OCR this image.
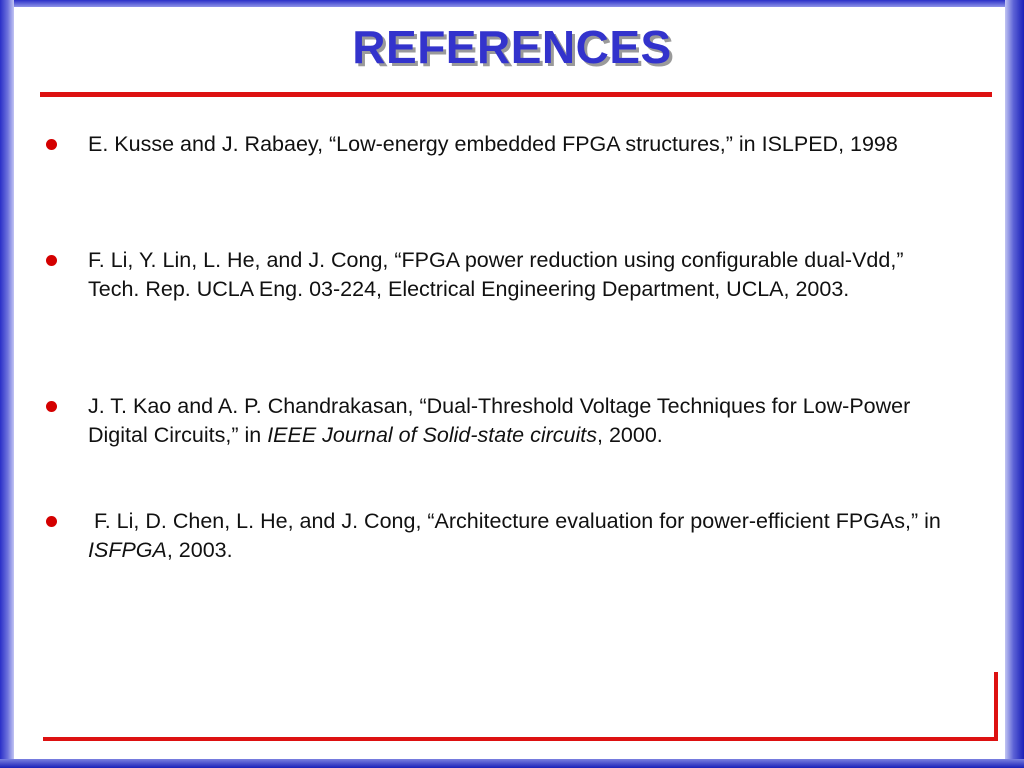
REFERENCES
E. Kusse and J. Rabaey, “Low-energy embedded FPGA structures,” in ISLPED, 1998
F. Li, Y. Lin, L. He, and J. Cong, “FPGA power reduction using configurable dual-Vdd,” Tech. Rep. UCLA Eng. 03-224, Electrical Engineering Department, UCLA, 2003.
J. T. Kao and A. P. Chandrakasan, “Dual-Threshold Voltage Techniques for Low-Power Digital Circuits,” in IEEE Journal of Solid-state circuits, 2000.
F. Li, D. Chen, L. He, and J. Cong, “Architecture evaluation for power-efficient FPGAs,” in ISFPGA, 2003.
